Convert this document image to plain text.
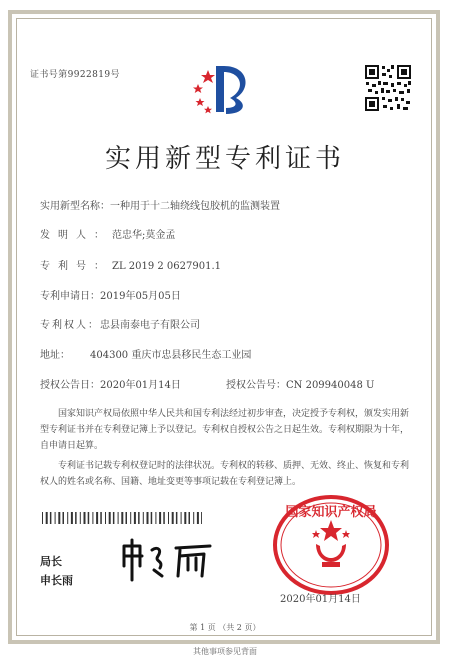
证书号第9922819号
实用新型专利证书
实用新型名称：一种用于十二轴绕线包胶机的监测装置
发明人：范忠华;莫金孟
专利号：ZL 2019 2 0627901.1
专利申请日：2019年05月05日
专利权人：忠县南泰电子有限公司
地址： 404300 重庆市忠县移民生态工业园
授权公告日：2020年01月14日	授权公告号：CN 209940048 U
国家知识产权局依照中华人民共和国专利法经过初步审查，决定授予专利权，颁发实用新型专利证书并在专利登记簿上予以登记。专利权自授权公告之日起生效。专利权期限为十年，自申请日起算。
专利证书记载专利权登记时的法律状况。专利权的转移、质押、无效、终止、恢复和专利权人的姓名或名称、国籍、地址变更等事项记载在专利登记簿上。
局长
申长雨
国家知识产权局
2020年01月14日
第 1 页 （共 2 页）
其他事项参见背面
